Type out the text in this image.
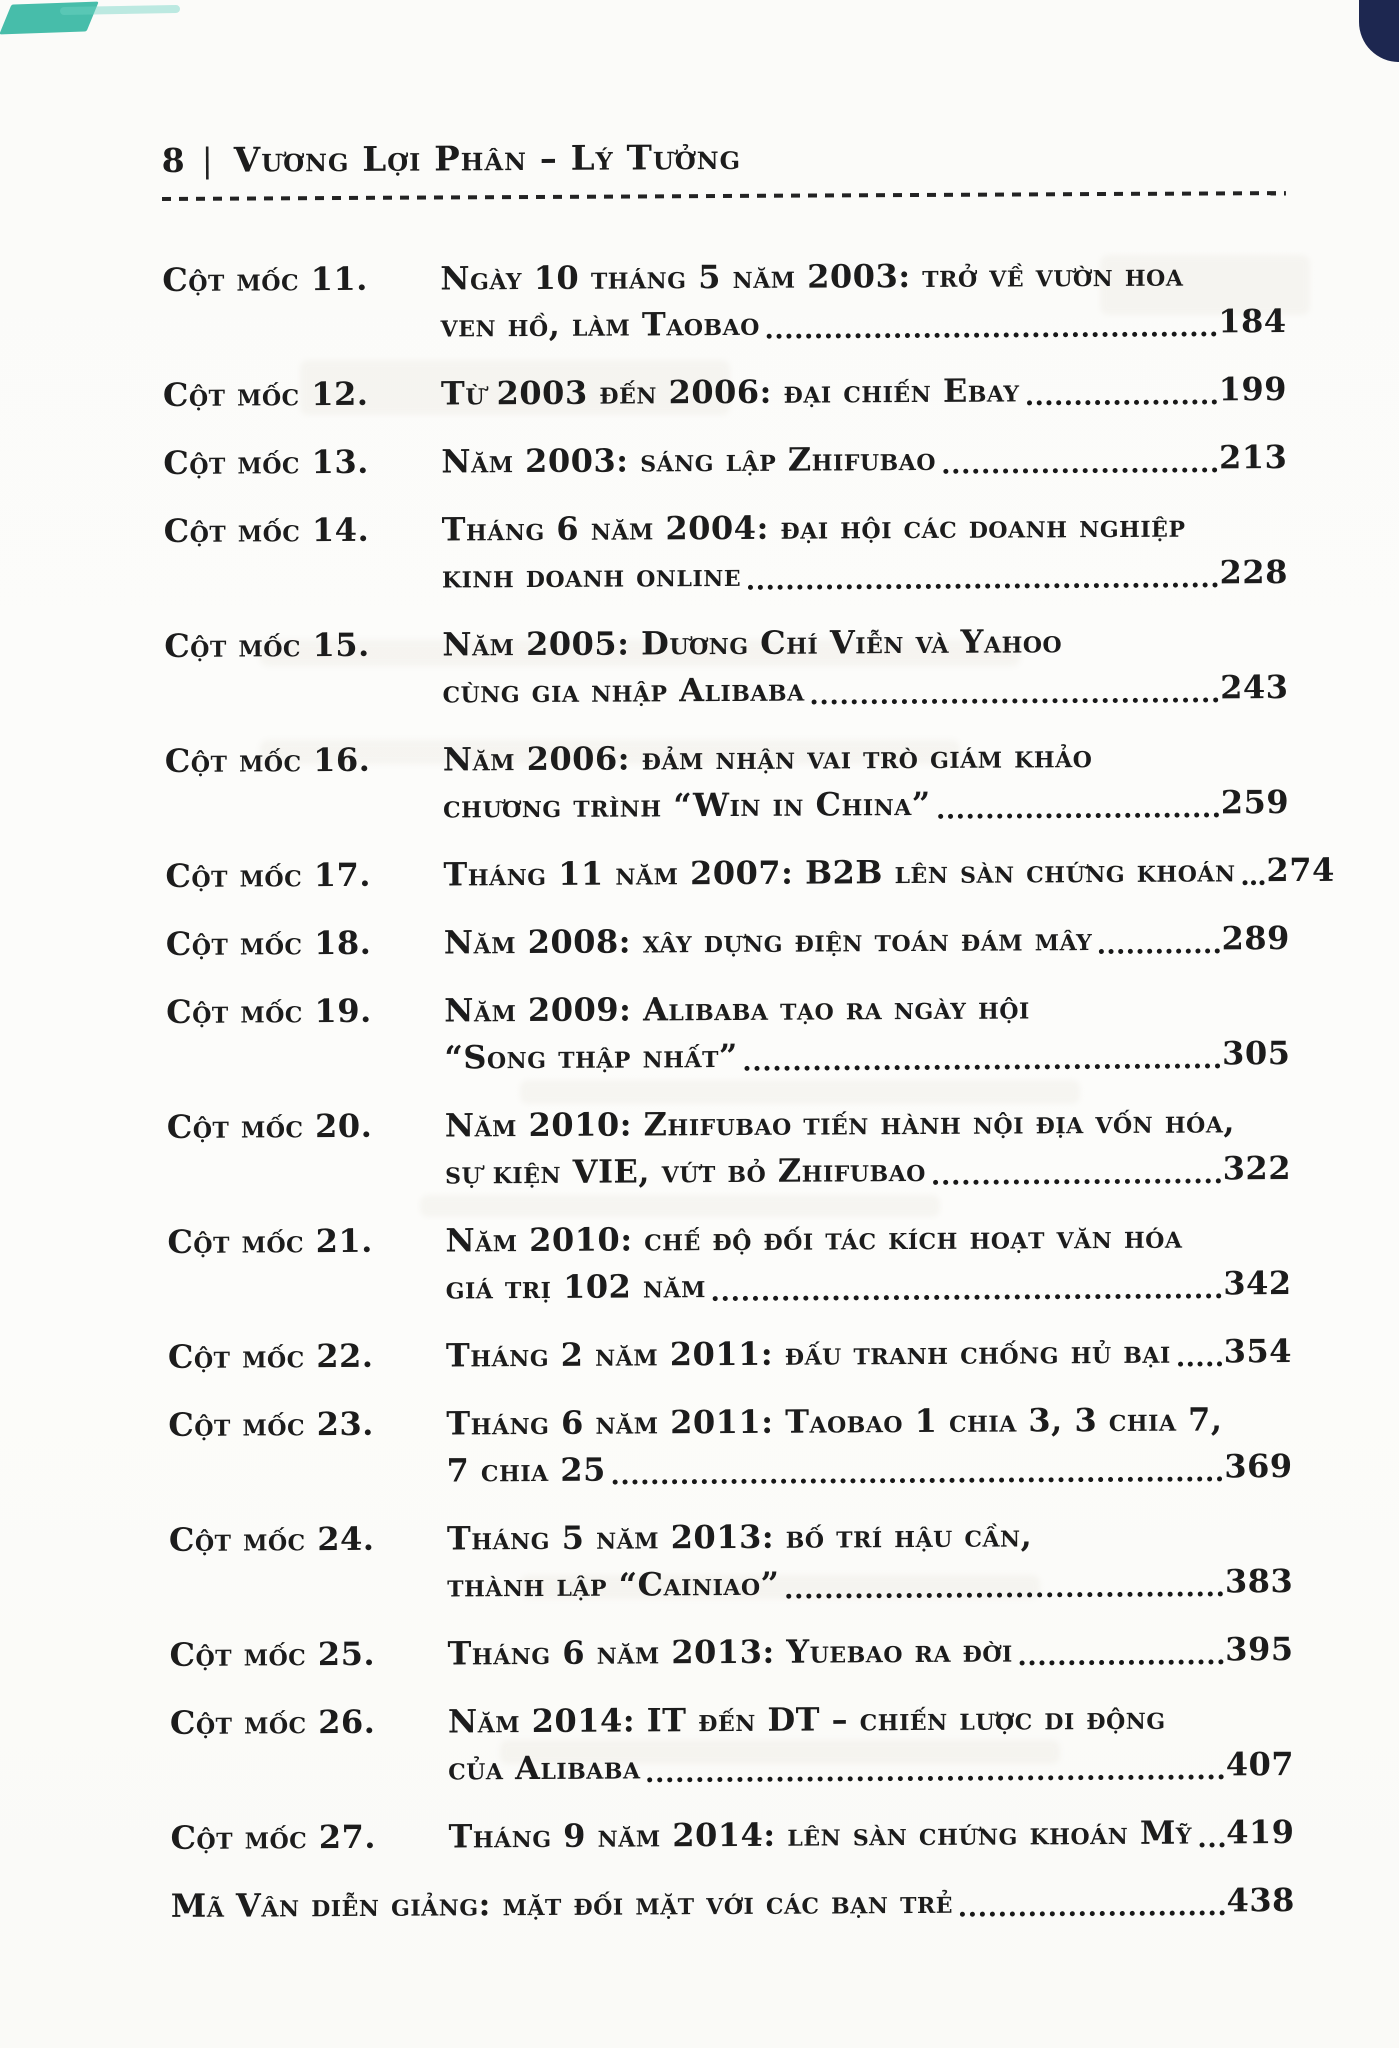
8 | Vương Lợi Phân – Lý Tưởng
Cột mốc 11.	Ngày 10 tháng 5 năm 2003: trở về vườn hoa
ven hồ, làm Taobao	184
Cột mốc 12.	Từ 2003 đến 2006: đại chiến Ebay	199
Cột mốc 13.	Năm 2003: sáng lập Zhifubao	213
Cột mốc 14.	Tháng 6 năm 2004: đại hội các doanh nghiệp
kinh doanh online	228
Cột mốc 15.	Năm 2005: Dương Chí Viễn và Yahoo
cùng gia nhập Alibaba	243
Cột mốc 16.	Năm 2006: đảm nhận vai trò giám khảo
chương trình “Win in China”	259
Cột mốc 17.	Tháng 11 năm 2007: B2B lên sàn chứng khoán 274
Cột mốc 18.	Năm 2008: xây dựng điện toán đám mây	289
Cột mốc 19.	Năm 2009: Alibaba tạo ra ngày hội
“Song thập nhất”	305
Cột mốc 20.	Năm 2010: Zhifubao tiến hành nội địa vốn hóa,
sự kiện VIE, vứt bỏ Zhifubao	322
Cột mốc 21.	Năm 2010: chế độ đối tác kích hoạt văn hóa
giá trị 102 năm	342
Cột mốc 22.	Tháng 2 năm 2011: đấu tranh chống hủ bại 354
Cột mốc 23.	Tháng 6 năm 2011: Taobao 1 chia 3, 3 chia 7,
7 chia 25	369
Cột mốc 24.	Tháng 5 năm 2013: bố trí hậu cần,
thành lập “Cainiao”	383
Cột mốc 25.	Tháng 6 năm 2013: Yuebao ra đời	395
Cột mốc 26.	Năm 2014: IT đến DT – chiến lược di động
của Alibaba	407
Cột mốc 27.	Tháng 9 năm 2014: lên sàn chứng khoán Mỹ 419
Mã Vân diễn giảng: mặt đối mặt với các bạn trẻ	438
